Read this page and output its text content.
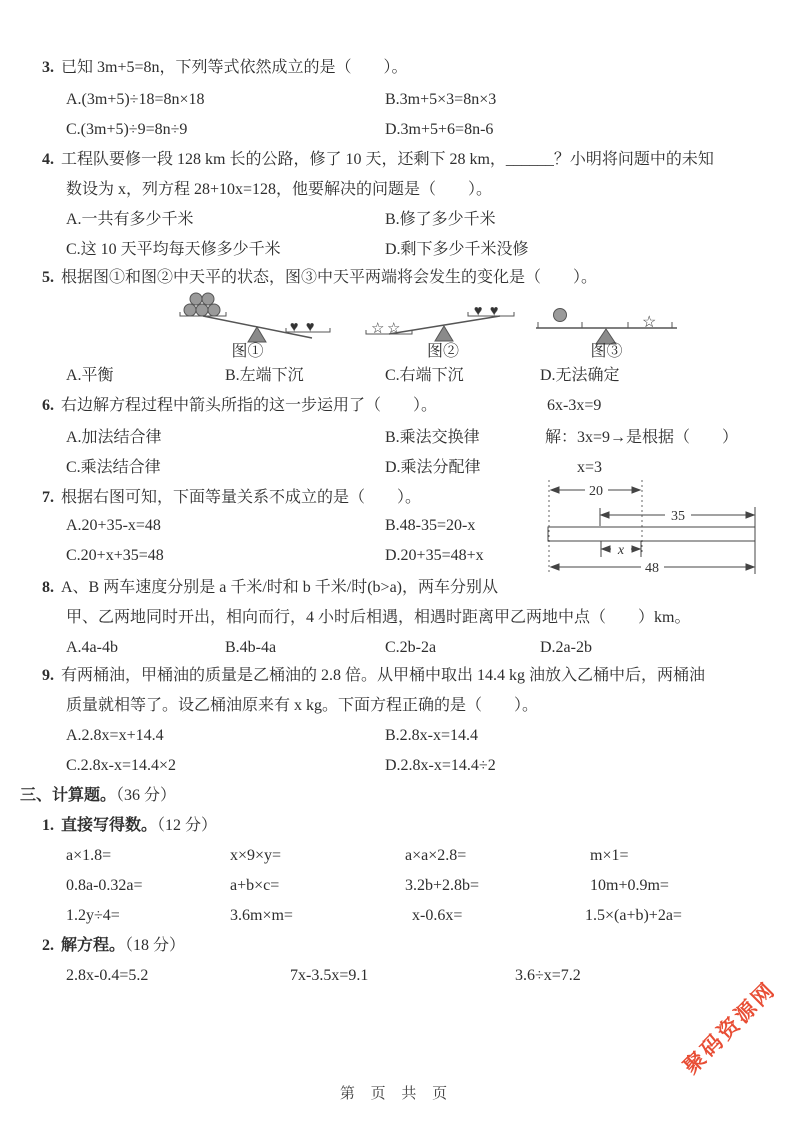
3. 已知 3m+5=8n，下列等式依然成立的是（　　）。
A.(3m+5)÷18=8n×18	B.3m+5×3=8n×3
C.(3m+5)÷9=8n÷9	D.3m+5+6=8n-6
4. 工程队要修一段 128 km 长的公路，修了 10 天，还剩下 28 km，______？小明将问题中的未知
数设为 x，列方程 28+10x=128，他要解决的问题是（　　）。
A.一共有多少千米	B.修了多少千米
C.这 10 天平均每天修多少千米	D.剩下多少千米没修
5. 根据图①和图②中天平的状态，图③中天平两端将会发生的变化是（　　）。
♥ ♥	☆ ☆
♥ ♥
☆
图①	图②	图③
A.平衡	B.左端下沉	C.右端下沉	D.无法确定
6. 右边解方程过程中箭头所指的这一步运用了（　　）。	6x-3x=9
A.加法结合律	B.乘法交换律	解：3x=9→是根据（　　）
C.乘法结合律	D.乘法分配律	x=3
7. 根据右图可知，下面等量关系不成立的是（　　）。
A.20+35-x=48	B.48-35=20-x
C.20+x+35=48	D.20+35=48+x
20
35
x
48
8. A、B 两车速度分别是 a 千米/时和 b 千米/时(b>a)，两车分别从
甲、乙两地同时开出，相向而行，4 小时后相遇，相遇时距离甲乙两地中点（　　）km。
A.4a-4b	B.4b-4a	C.2b-2a	D.2a-2b
9. 有两桶油，甲桶油的质量是乙桶油的 2.8 倍。从甲桶中取出 14.4 kg 油放入乙桶中后，两桶油
质量就相等了。设乙桶油原来有 x kg。下面方程正确的是（　　）。
A.2.8x=x+14.4	B.2.8x-x=14.4
C.2.8x-x=14.4×2	D.2.8x-x=14.4÷2
三、计算题。（36 分）
1. 直接写得数。（12 分）
a×1.8=	x×9×y=	a×a×2.8=	m×1=
0.8a-0.32a=	a+b×c=	3.2b+2.8b=	10m+0.9m=
1.2y÷4=	3.6m×m=	x-0.6x=	1.5×(a+b)+2a=
2. 解方程。（18 分）
2.8x-0.4=5.2	7x-3.5x=9.1	3.6÷x=7.2
聚码资源网
第 页 共 页
